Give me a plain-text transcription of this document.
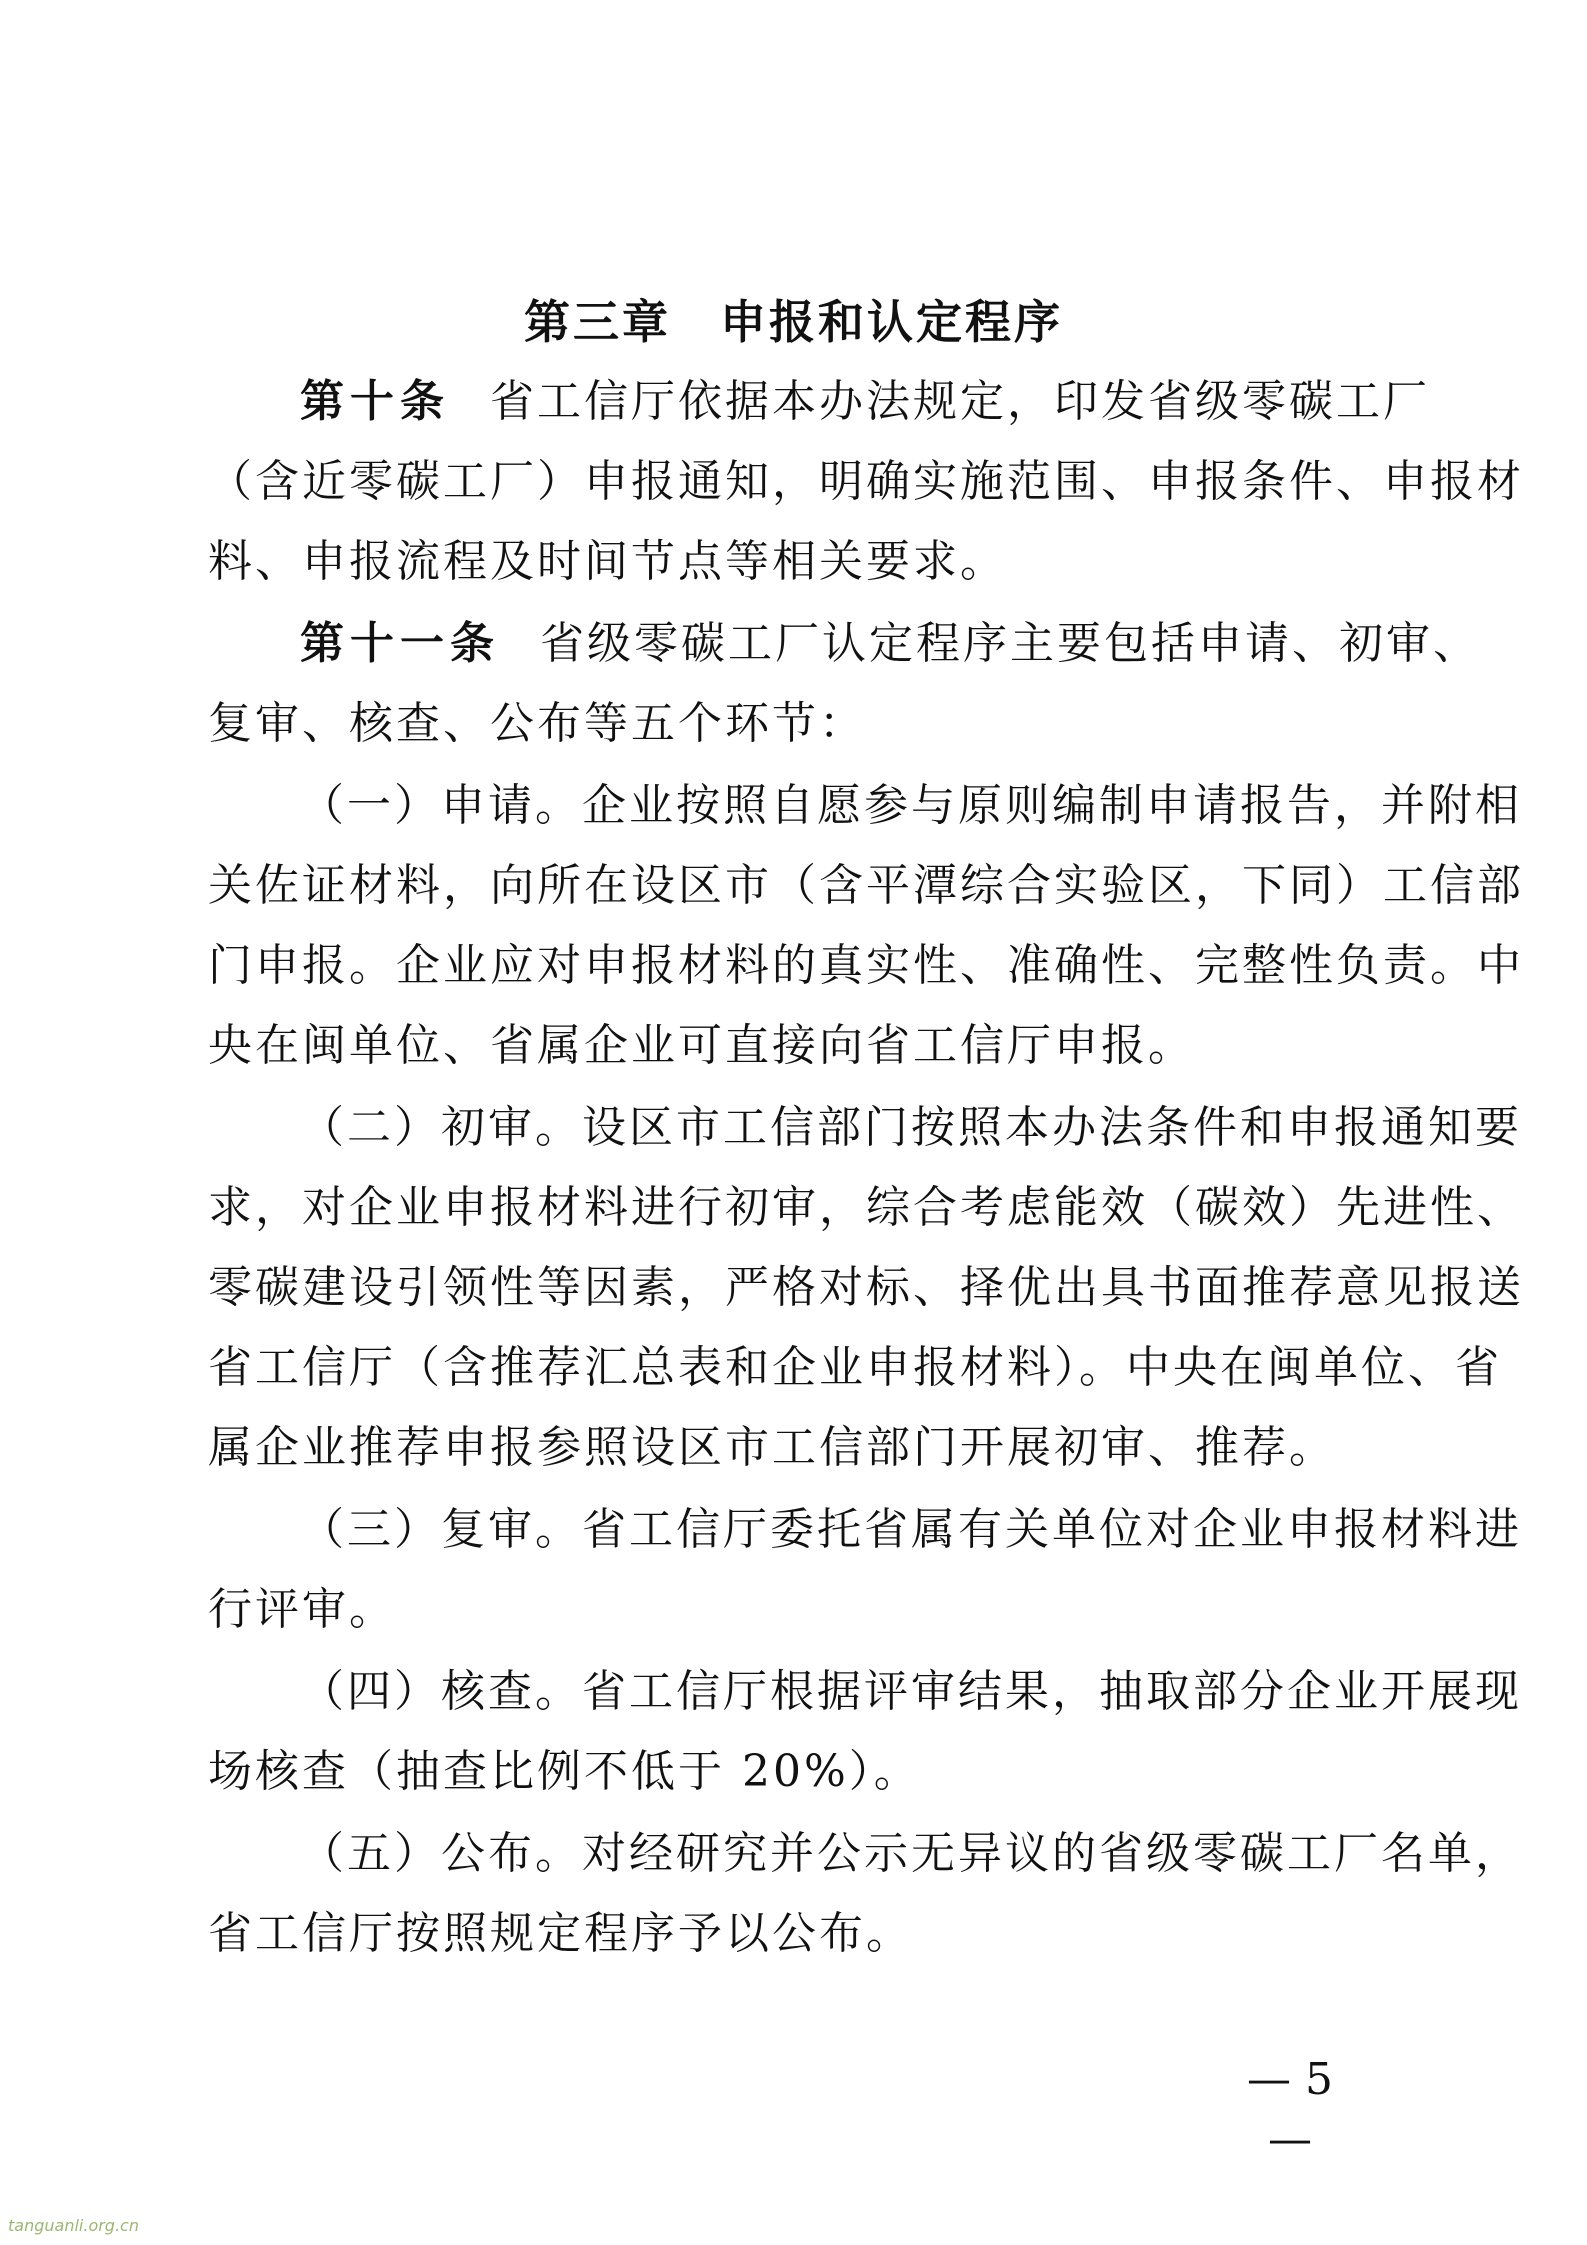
第三章　申报和认定程序
第十条 省工信厅依据本办法规定，印发省级零碳工厂
（含近零碳工厂）申报通知，明确实施范围、申报条件、申报材
料、申报流程及时间节点等相关要求。
第十一条 省级零碳工厂认定程序主要包括申请、初审、
复审、核查、公布等五个环节：
（一）申请。企业按照自愿参与原则编制申请报告，并附相
关佐证材料，向所在设区市（含平潭综合实验区，下同）工信部
门申报。企业应对申报材料的真实性、准确性、完整性负责。中
央在闽单位、省属企业可直接向省工信厅申报。
（二）初审。设区市工信部门按照本办法条件和申报通知要
求，对企业申报材料进行初审，综合考虑能效（碳效）先进性、
零碳建设引领性等因素，严格对标、择优出具书面推荐意见报送
省工信厅（含推荐汇总表和企业申报材料）。中央在闽单位、省
属企业推荐申报参照设区市工信部门开展初审、推荐。
（三）复审。省工信厅委托省属有关单位对企业申报材料进
行评审。
（四）核查。省工信厅根据评审结果，抽取部分企业开展现
场核查（抽查比例不低于 20%）。
（五）公布。对经研究并公示无异议的省级零碳工厂名单，
省工信厅按照规定程序予以公布。
— 5 —
tanguanli.org.cn
